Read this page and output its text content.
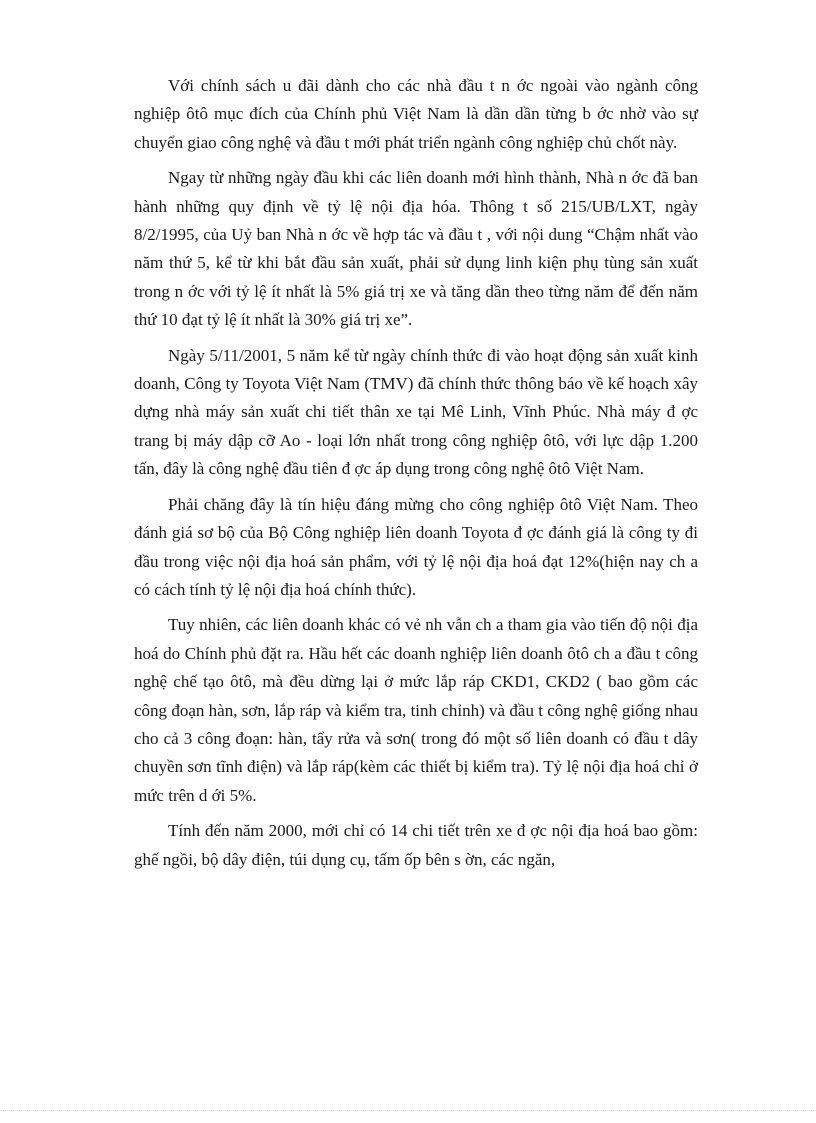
Với chính sách u đãi dành cho các nhà đầu t n ớc ngoài vào ngành công nghiệp ôtô mục đích của Chính phủ Việt Nam là dần dần từng b ớc nhờ vào sự chuyển giao công nghệ và đầu t mới phát triển ngành công nghiệp chủ chốt này.

Ngay từ những ngày đầu khi các liên doanh mới hình thành, Nhà n ớc đã ban hành những quy định về tỷ lệ nội địa hóa. Thông t số 215/UB/LXT, ngày 8/2/1995, của Uỷ ban Nhà n ớc về hợp tác và đầu t , với nội dung “Chậm nhất vào năm thứ 5, kể từ khi bắt đầu sản xuất, phải sử dụng linh kiện phụ tùng sản xuất trong n ớc với tỷ lệ ít nhất là 5% giá trị xe và tăng dần theo từng năm để đến năm thứ 10 đạt tỷ lệ ít nhất là 30% giá trị xe”.

Ngày 5/11/2001, 5 năm kể từ ngày chính thức đi vào hoạt động sản xuất kinh doanh, Công ty Toyota Việt Nam (TMV) đã chính thức thông báo về kế hoạch xây dựng nhà máy sản xuất chi tiết thân xe tại Mê Linh, Vĩnh Phúc. Nhà máy đ ợc trang bị máy dập cỡ Ao - loại lớn nhất trong công nghiệp ôtô, với lực dập 1.200 tấn, đây là công nghệ đầu tiên đ ợc áp dụng trong công nghệ ôtô Việt Nam.

Phải chăng đây là tín hiệu đáng mừng cho công nghiệp ôtô Việt Nam. Theo đánh giá sơ bộ của Bộ Công nghiệp liên doanh Toyota đ ợc đánh giá là công ty đi đầu trong việc nội địa hoá sản phẩm, với tỷ lệ nội địa hoá đạt 12%(hiện nay ch a có cách tính tỷ lệ nội địa hoá chính thức).

Tuy nhiên, các liên doanh khác có vẻ nh vẫn ch a tham gia vào tiến độ nội địa hoá do Chính phủ đặt ra. Hầu hết các doanh nghiệp liên doanh ôtô ch a đầu t công nghệ chế tạo ôtô, mà đều dừng lại ở mức lắp ráp CKD1, CKD2 ( bao gồm các công đoạn hàn, sơn, lắp ráp và kiểm tra, tinh chỉnh) và đầu t công nghệ giống nhau cho cả 3 công đoạn: hàn, tẩy rửa và sơn( trong đó một số liên doanh có đầu t dây chuyền sơn tĩnh điện) và lắp ráp(kèm các thiết bị kiểm tra). Tỷ lệ nội địa hoá chỉ ở mức trên d ới 5%.

Tính đến năm 2000, mới chỉ có 14 chi tiết trên xe đ ợc nội địa hoá bao gồm: ghế ngồi, bộ dây điện, túi dụng cụ, tấm ốp bên s ờn, các ngăn,
